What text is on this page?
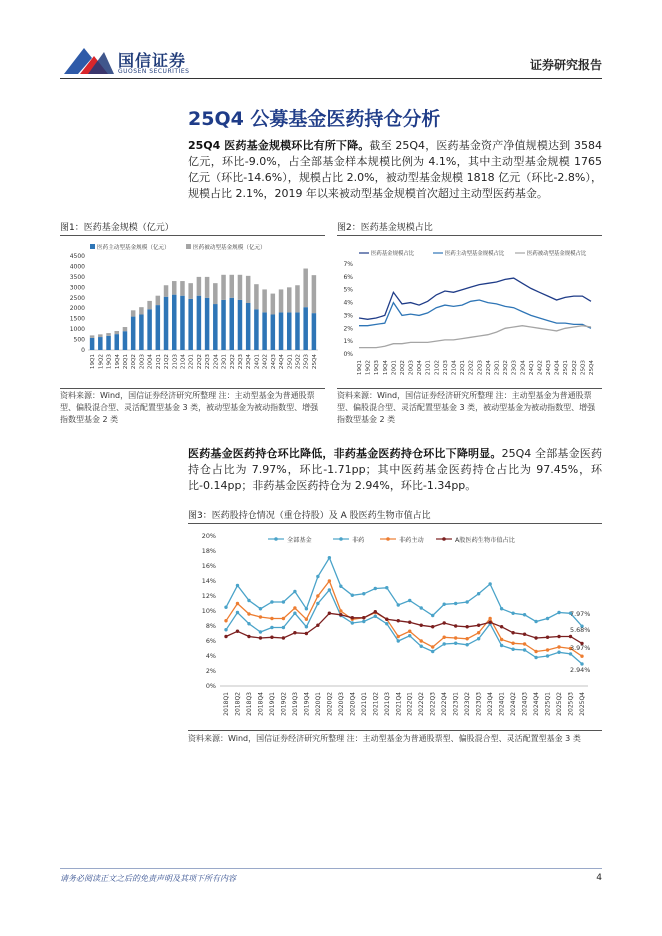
国信证券
GUOSEN SECURITIES	证券研究报告
25Q4 公募基金医药持仓分析
25Q4 医药基金规模环比有所下降。截至 25Q4，医药基金资产净值规模达到 3584 亿元，环比-9.0%，占全部基金样本规模比例为 4.1%，其中主动型基金规模 1765 亿元（环比-14.6%），规模占比 2.0%，被动型基金规模 1818 亿元（环比-2.8%），规模占比 2.1%，2019 年以来被动型基金规模首次超过主动型医药基金。
图1：医药基金规模（亿元）
医药主动型基金规模（亿元）	医药被动型基金规模（亿元）
0
500
1000
1500
2000
2500
3000
3500
4000
4500
19Q1 19Q2 19Q3 19Q4 20Q1 20Q2 20Q3 20Q4 21Q1 21Q2 21Q3 21Q4 22Q1 22Q2 22Q3 22Q4 23Q1 23Q2 23Q3 23Q4 24Q1 24Q2 24Q3 24Q4 25Q1 25Q2 25Q3 25Q4
资料来源：Wind，国信证券经济研究所整理 注：主动型基金为普通股票型、偏股混合型、灵活配置型基金 3 类，被动型基金为被动指数型、增强指数型基金 2 类
图2：医药基金规模占比
医药基金规模占比	医药主动型基金规模占比	医药被动型基金规模占比
0%
1%
2%
3%
4%
5%
6%
7%
19Q1 19Q2 19Q3 19Q4 20Q1 20Q2 20Q3 20Q4 21Q1 21Q2 21Q3 21Q4 22Q1 22Q2 22Q3 22Q4 23Q1 23Q2 23Q3 23Q4 24Q1 24Q2 24Q3 24Q4 25Q1 25Q2 25Q3 25Q4
资料来源：Wind，国信证券经济研究所整理 注：主动型基金为普通股票型、偏股混合型、灵活配置型基金 3 类，被动型基金为被动指数型、增强指数型基金 2 类
医药基金医药持仓环比降低，非药基金医药持仓环比下降明显。25Q4 全部基金医药持仓占比为 7.97%，环比-1.71pp；其中医药基金医药持仓占比为 97.45%，环比-0.14pp；非药基金医药持仓为 2.94%，环比-1.34pp。
图3：医药股持仓情况（重仓持股）及 A 股医药生物市值占比
全部基金	非药	非药主动	A股医药生物市值占比
0%
2%
4%
6%
8%
10%
12%
14%
16%
18%
20%
7.97%
5.68%
3.97%
2.94%
2018Q1 2018Q2 2018Q3 2018Q4 2019Q1 2019Q2 2019Q3 2019Q4 2020Q1 2020Q2 2020Q3 2020Q4 2021Q1 2021Q2 2021Q3 2021Q4 2022Q1 2022Q2 2022Q3 2022Q4 2023Q1 2023Q2 2023Q3 2023Q4 2024Q1 2024Q2 2024Q3 2024Q4 2025Q1 2025Q2 2025Q3 2025Q4
资料来源：Wind，国信证券经济研究所整理 注：主动型基金为普通股票型、偏股混合型、灵活配置型基金 3 类
请务必阅读正文之后的免责声明及其项下所有内容	4
